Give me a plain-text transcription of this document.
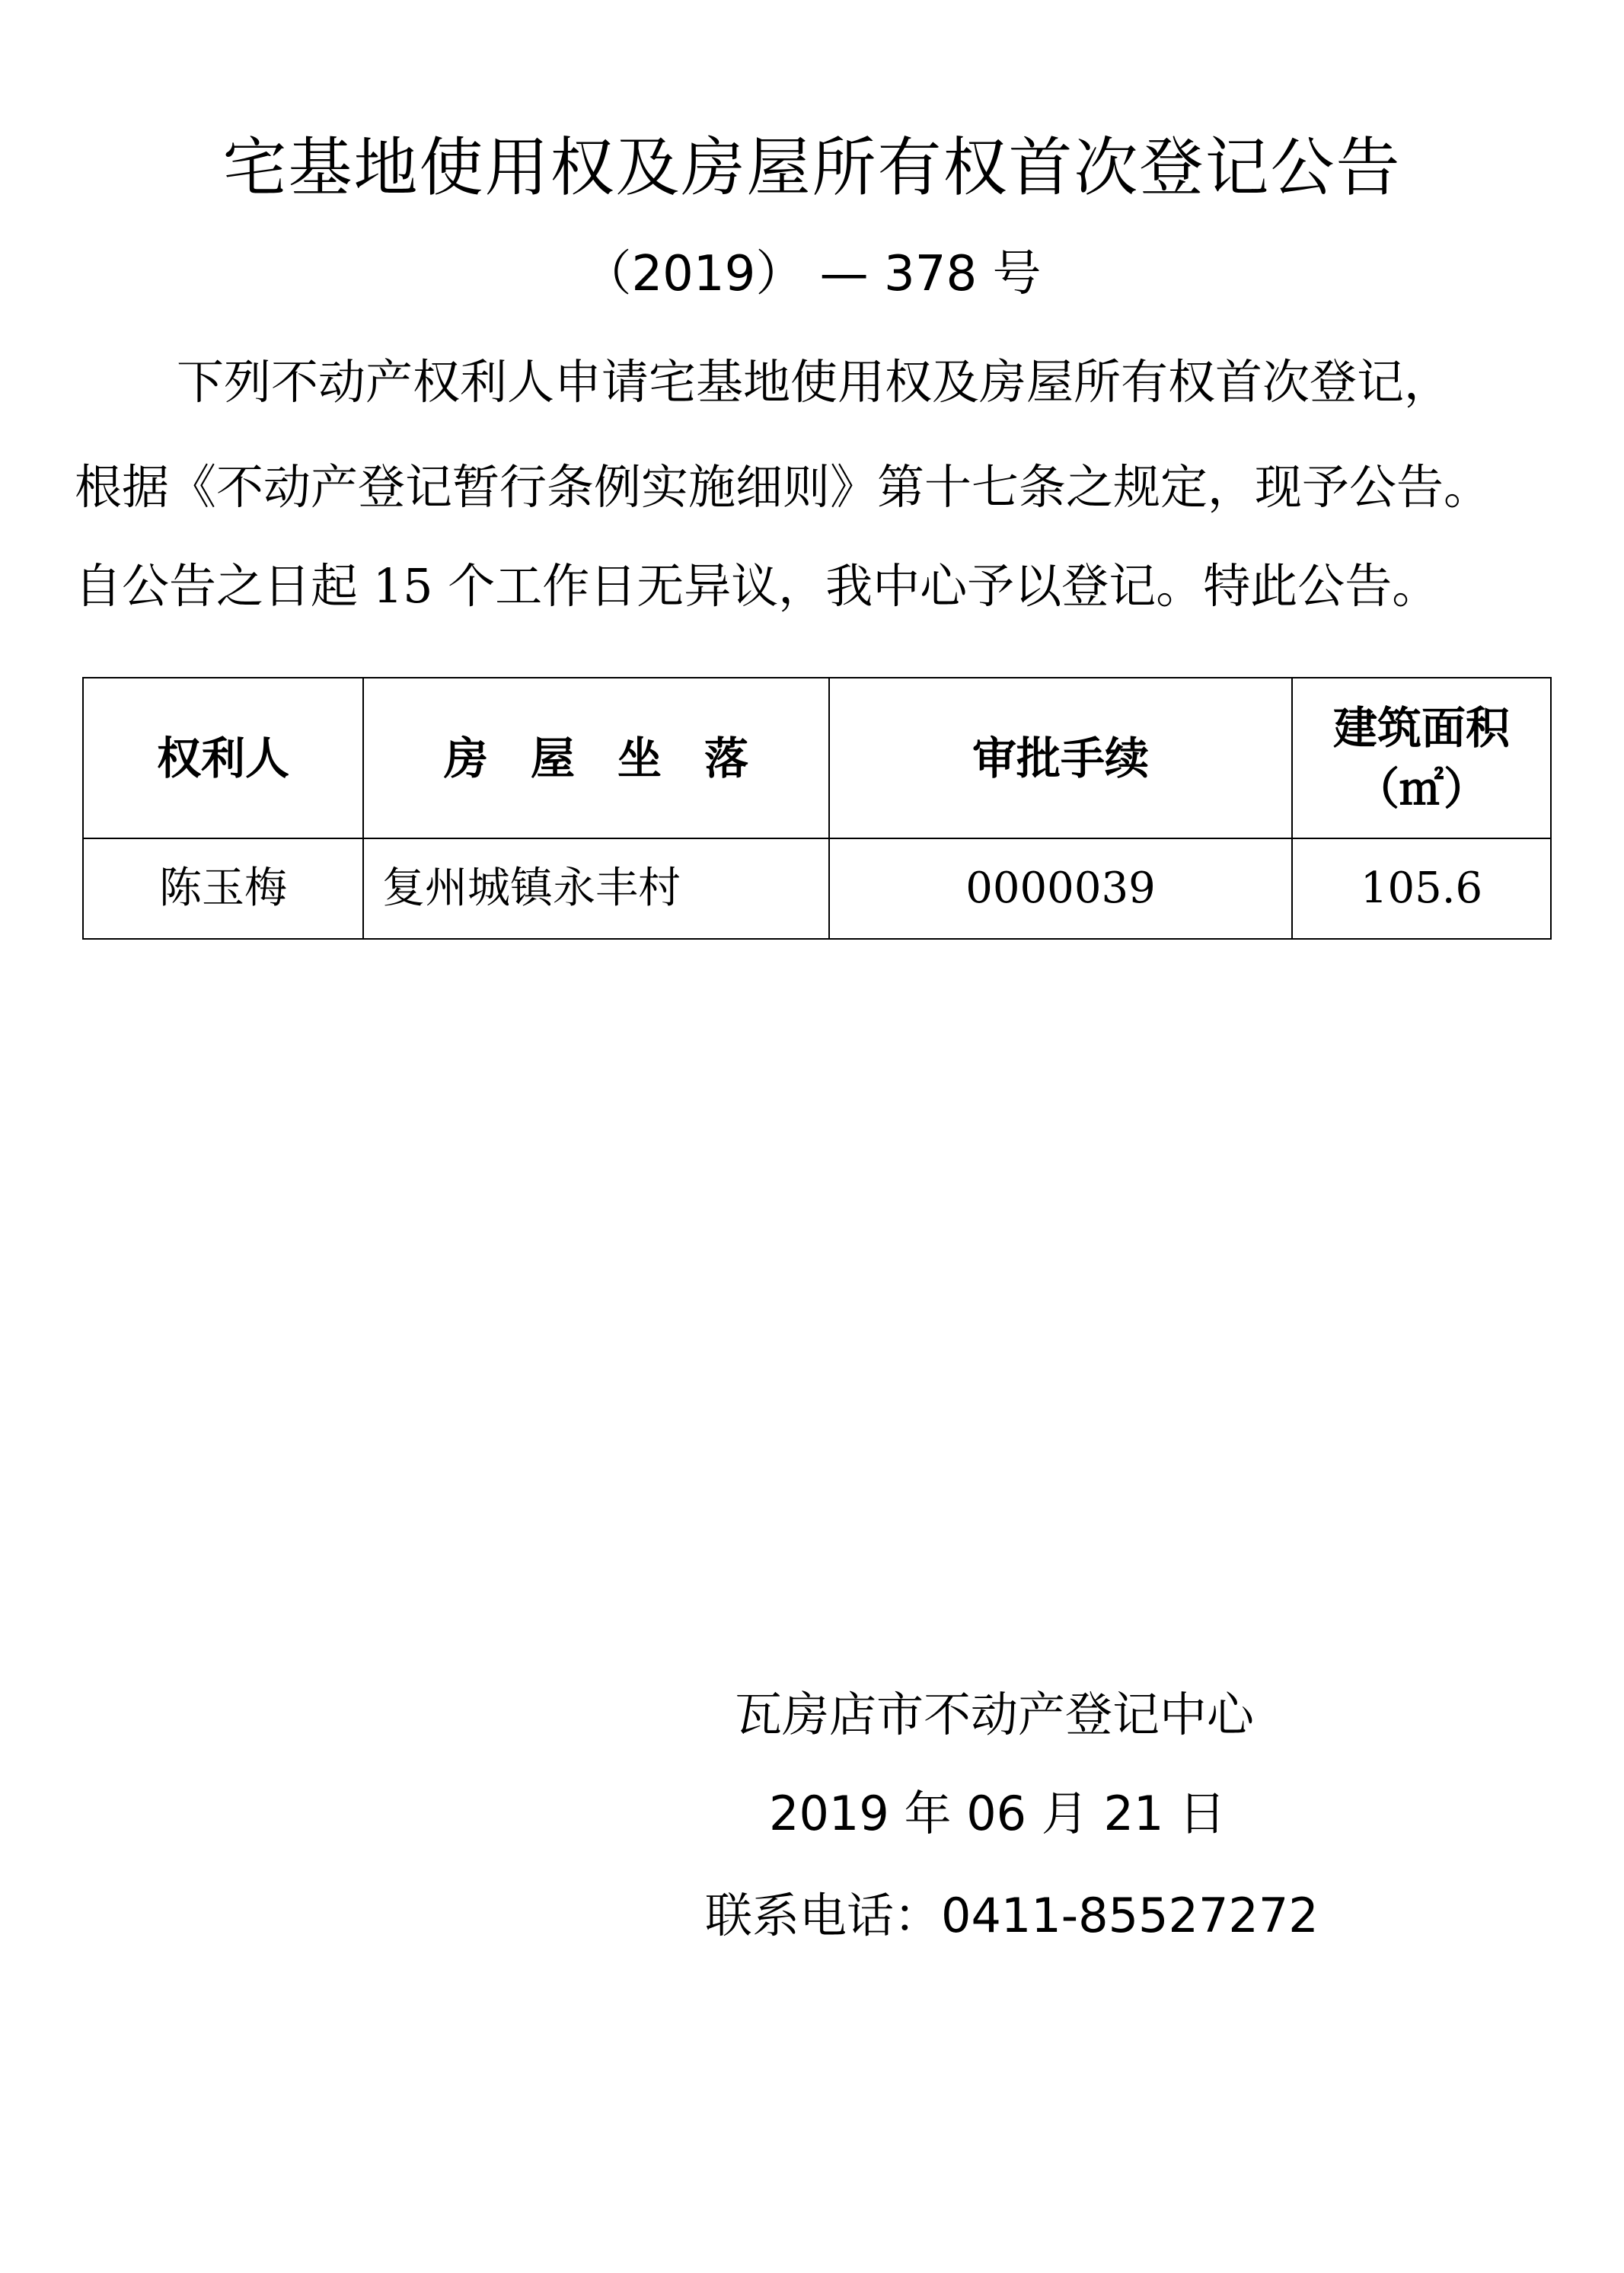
宅基地使用权及房屋所有权首次登记公告

（2019） — 378 号

下列不动产权利人申请宅基地使用权及房屋所有权首次登记，

根据《不动产登记暂行条例实施细则》第十七条之规定，现予公告。

自公告之日起 15 个工作日无异议，我中心予以登记。特此公告。

权利人	房屋坐落	审批手续	建筑面积
（㎡）

陈玉梅	复州城镇永丰村	0000039	105.6

瓦房店市不动产登记中心

2019 年 06 月 21 日

联系电话：0411-85527272
